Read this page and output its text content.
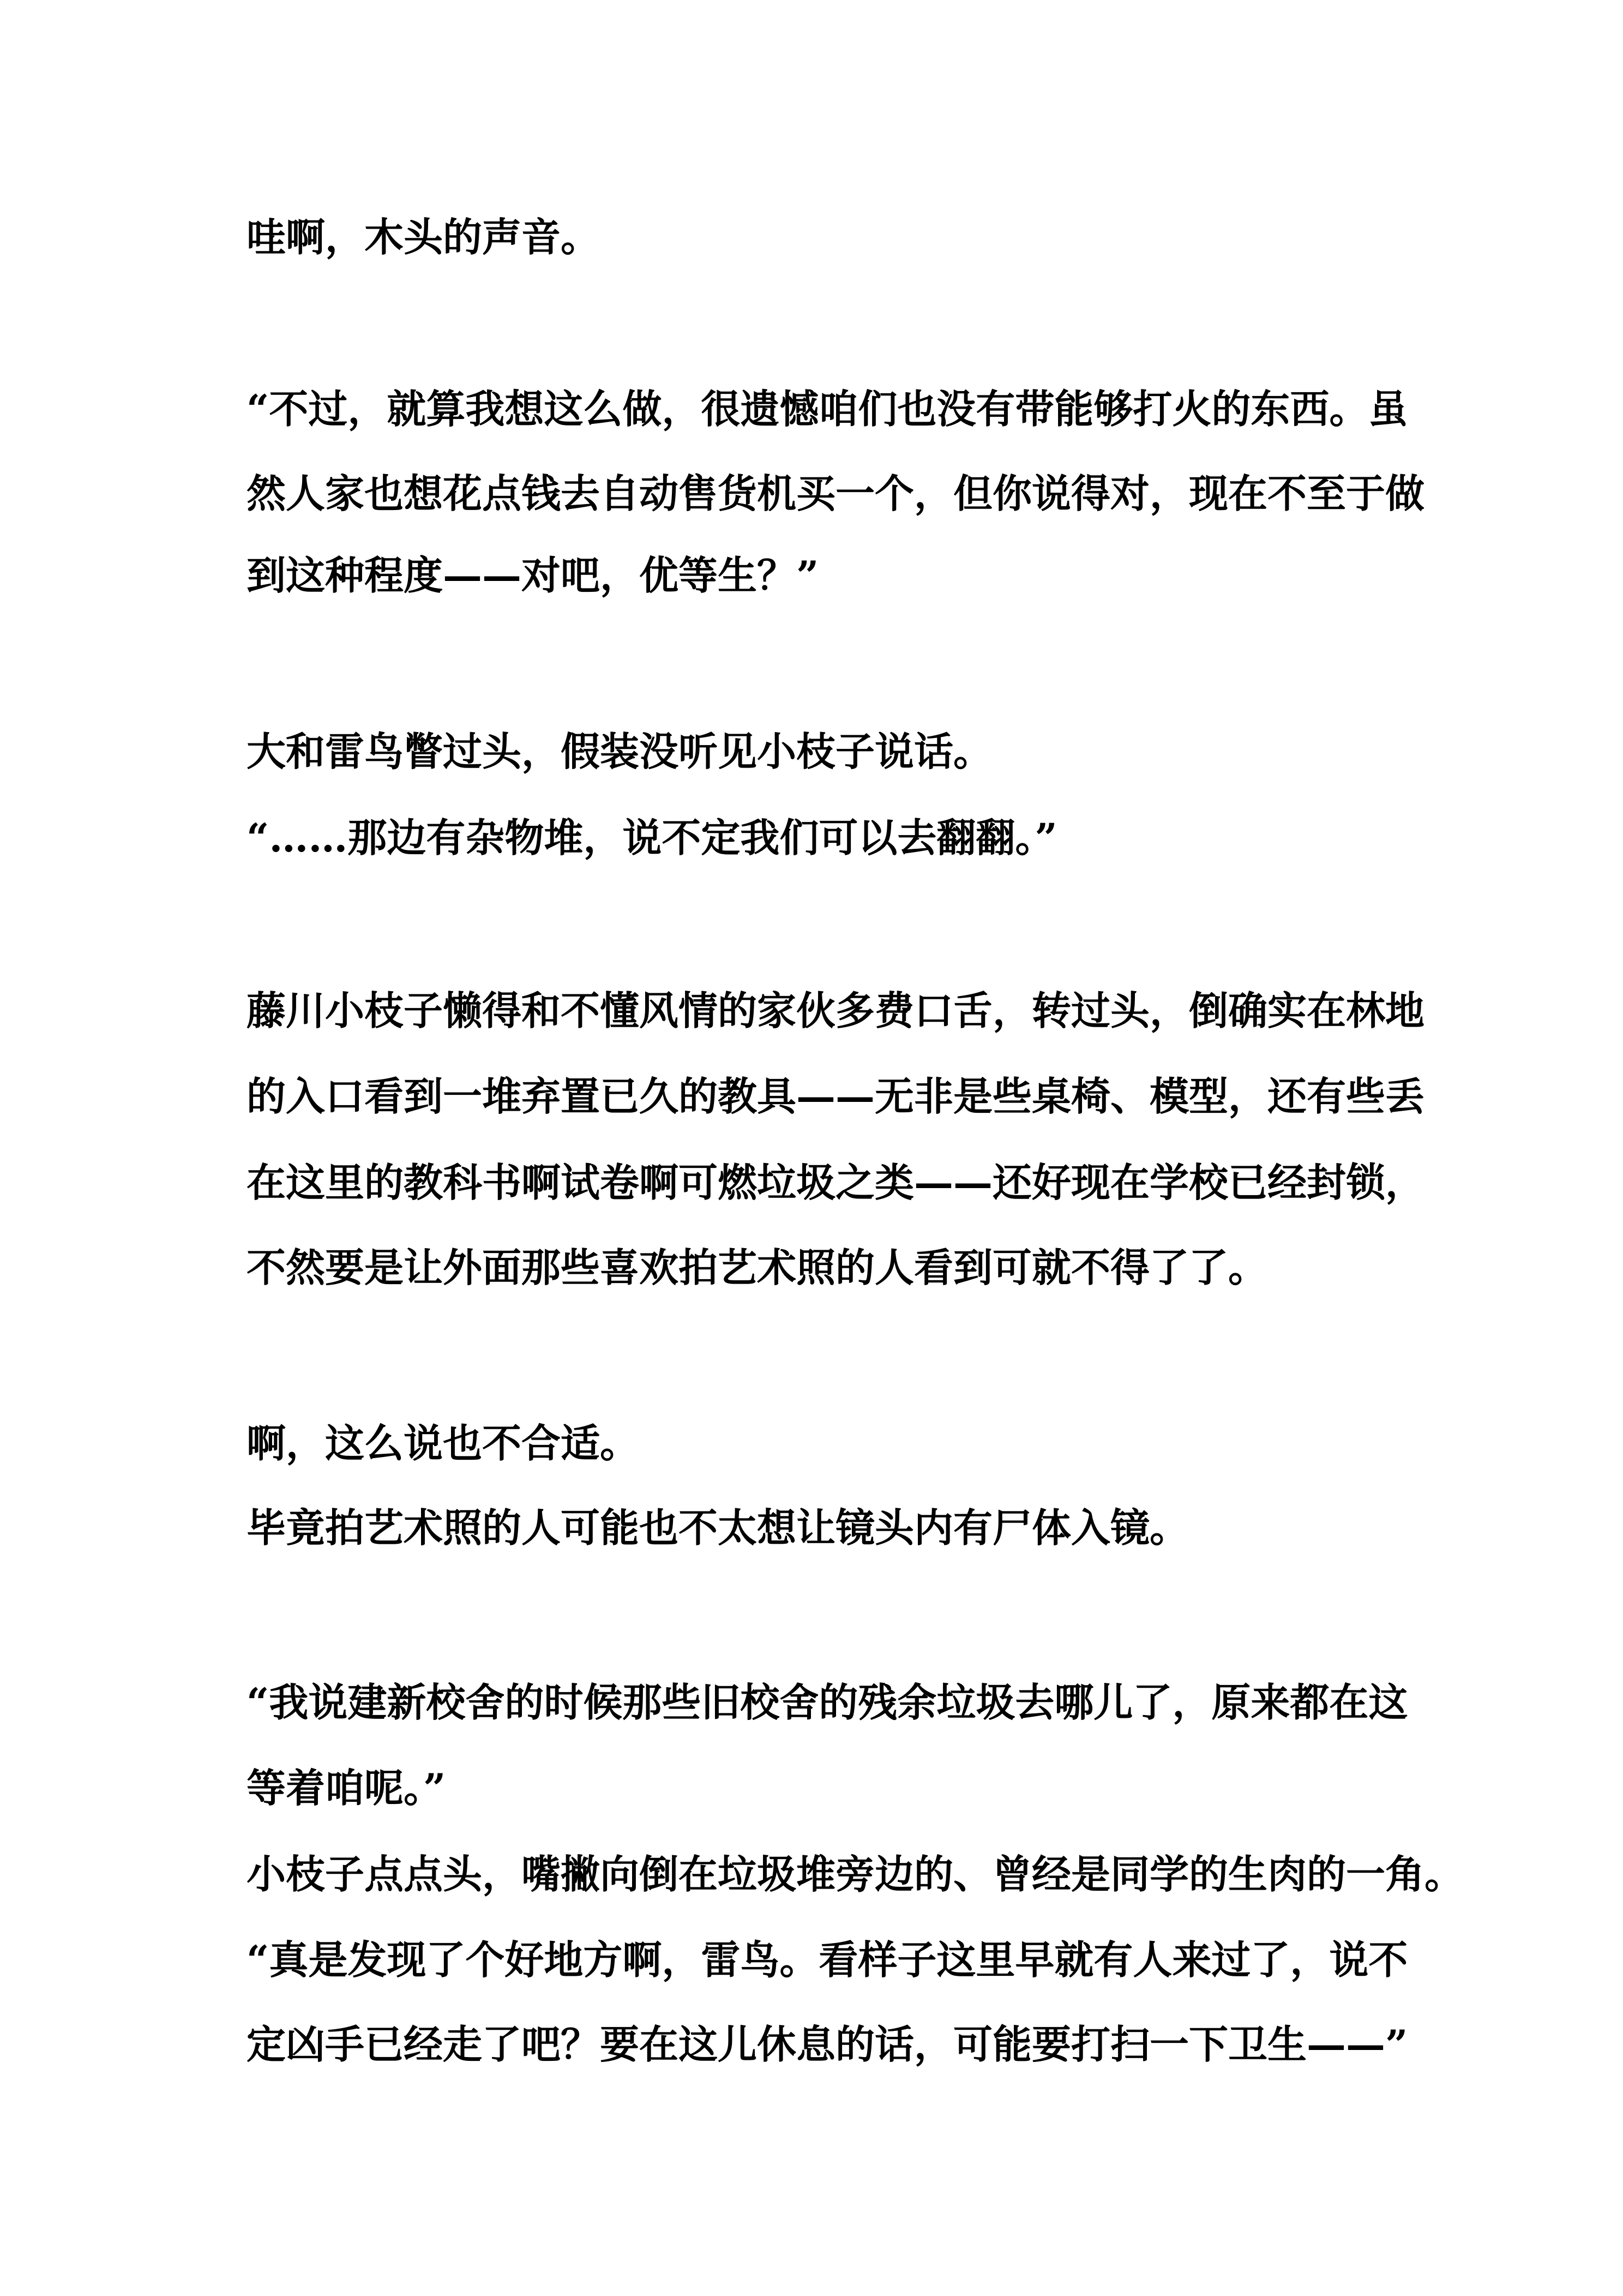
哇啊，木头的声音。

“不过，就算我想这么做，很遗憾咱们也没有带能够打火的东西。虽

然人家也想花点钱去自动售货机买一个，但你说得对，现在不至于做

到这种程度——对吧，优等生？”

大和雷鸟瞥过头，假装没听见小枝子说话。

“……那边有杂物堆，说不定我们可以去翻翻。”

藤川小枝子懒得和不懂风情的家伙多费口舌，转过头，倒确实在林地

的入口看到一堆弃置已久的教具——无非是些桌椅、模型，还有些丢

在这里的教科书啊试卷啊可燃垃圾之类——还好现在学校已经封锁，

不然要是让外面那些喜欢拍艺术照的人看到可就不得了了。

啊，这么说也不合适。

毕竟拍艺术照的人可能也不太想让镜头内有尸体入镜。

“我说建新校舍的时候那些旧校舍的残余垃圾去哪儿了，原来都在这

等着咱呢。”

小枝子点点头，嘴撇向倒在垃圾堆旁边的、曾经是同学的生肉的一角。

“真是发现了个好地方啊，雷鸟。看样子这里早就有人来过了，说不

定凶手已经走了吧？要在这儿休息的话，可能要打扫一下卫生——”
